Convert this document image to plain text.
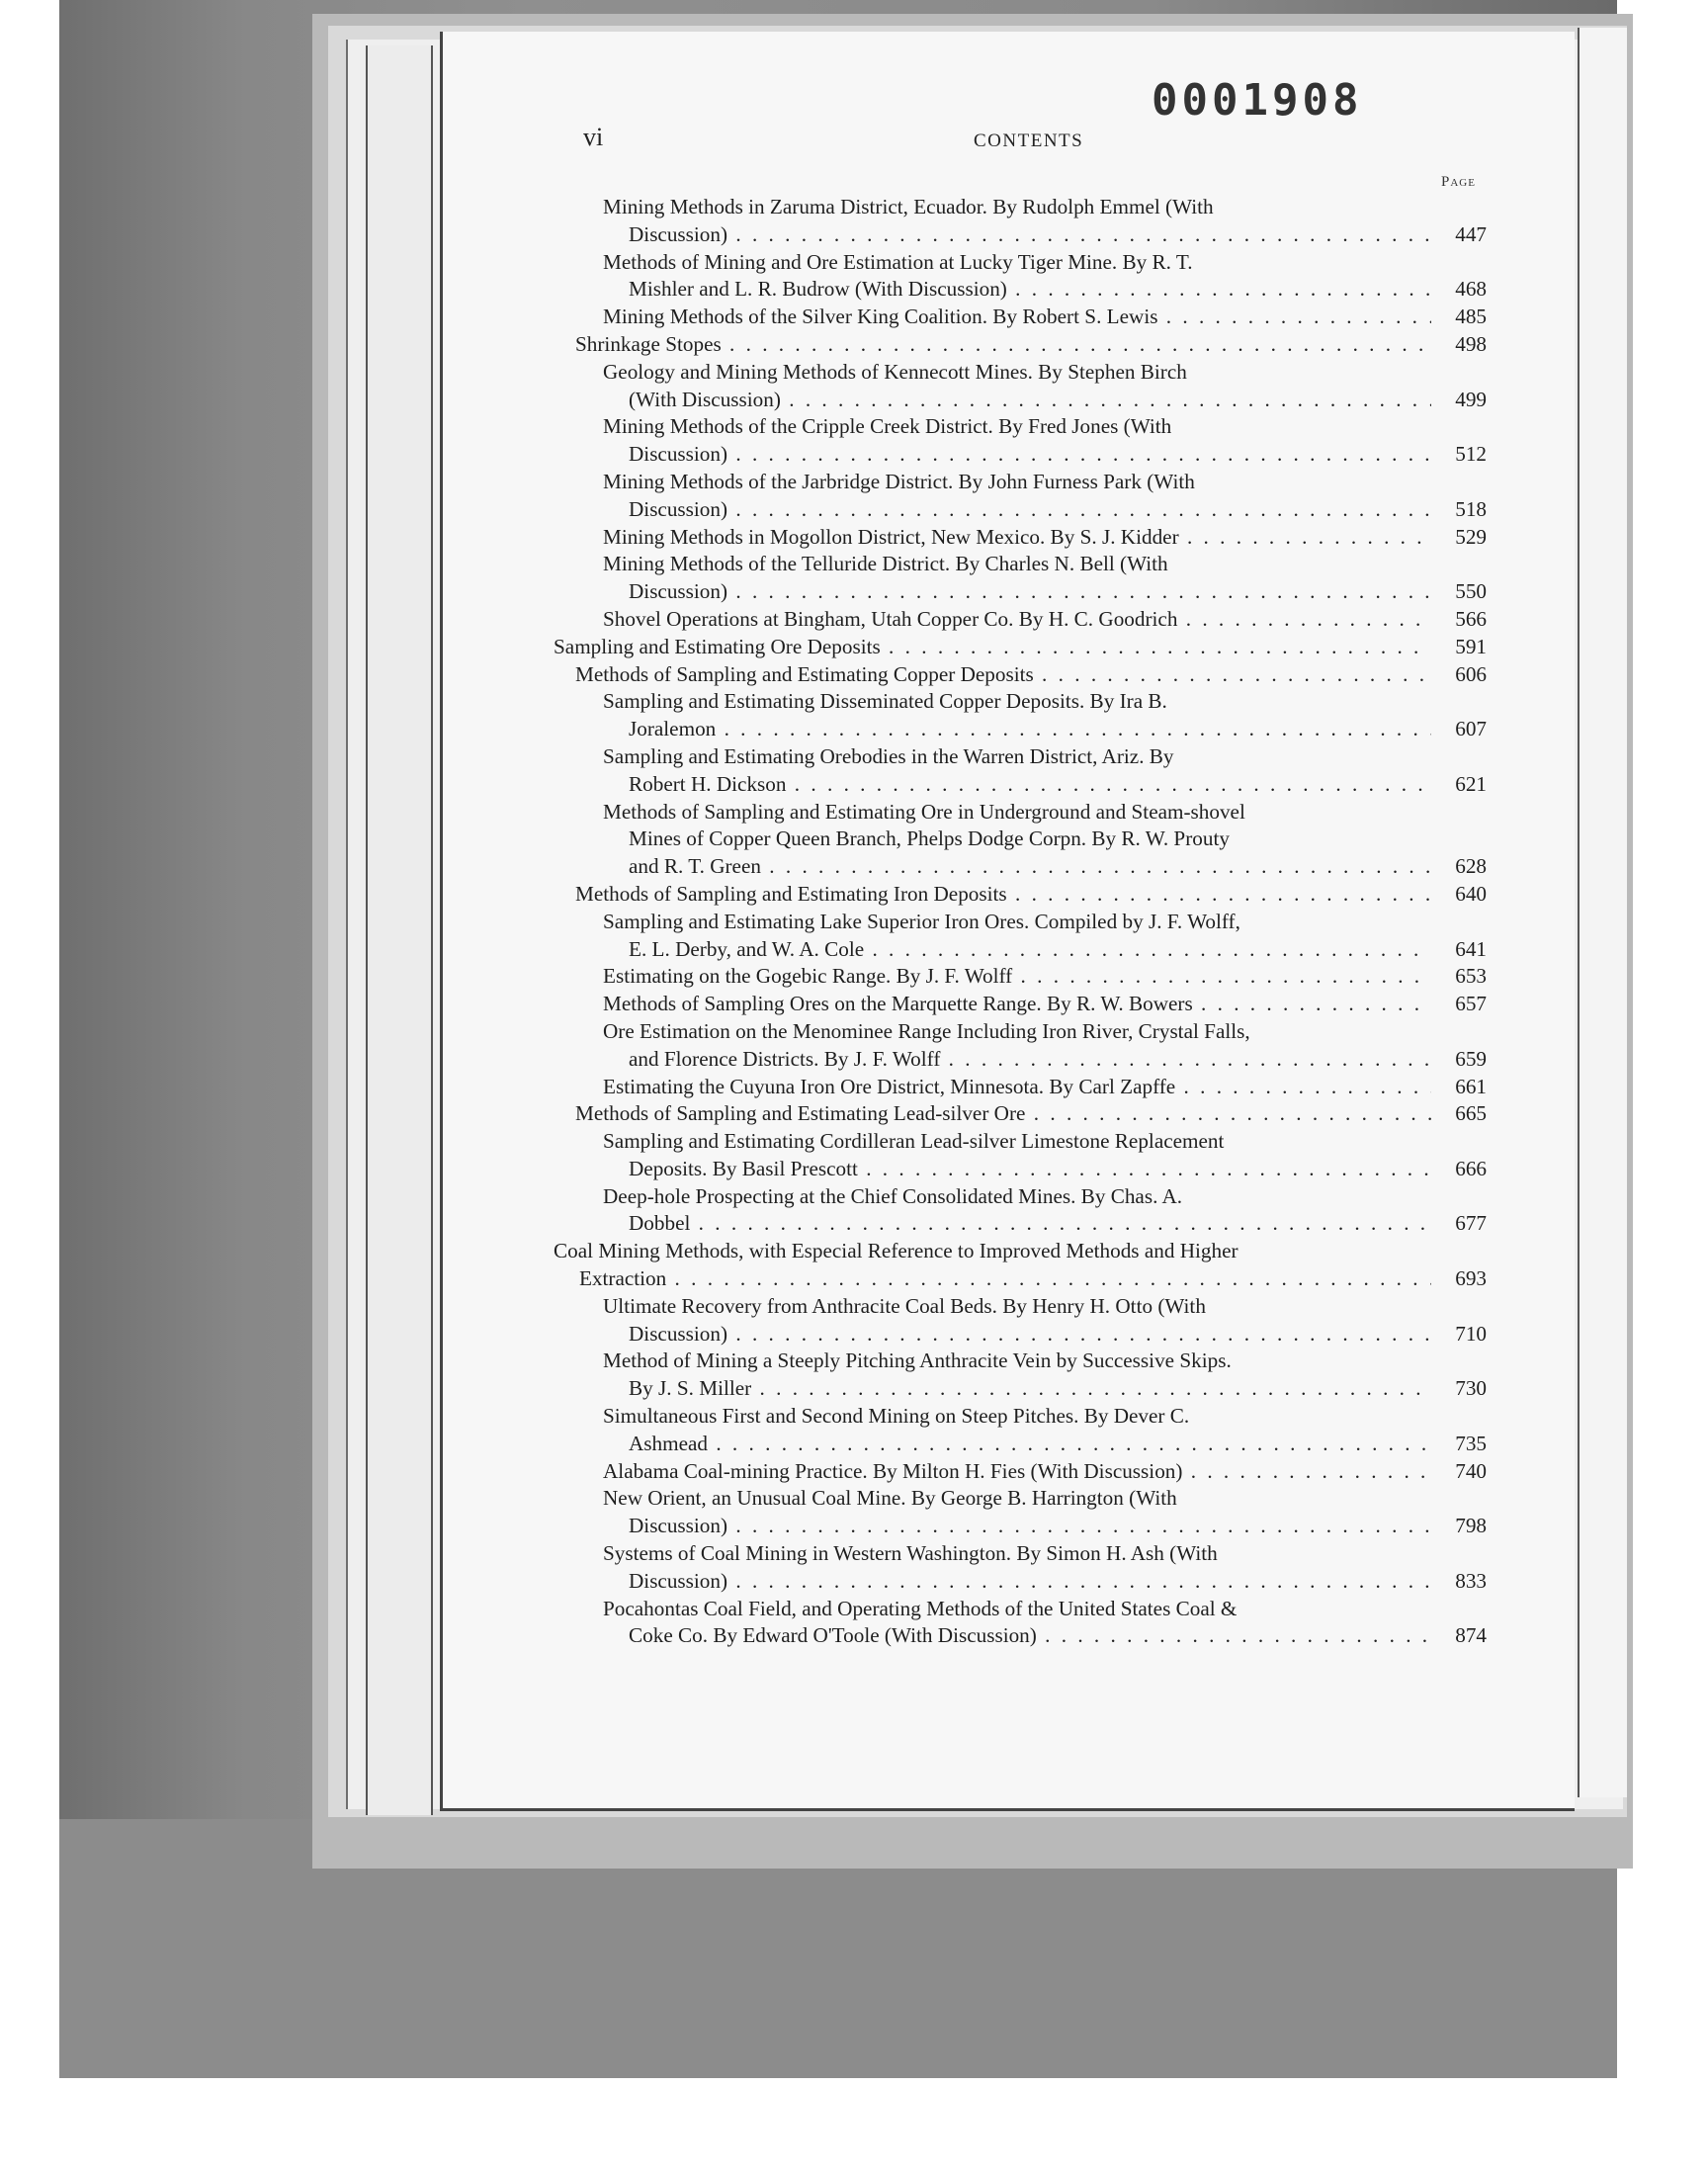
0001908
vi	CONTENTS
Page
Mining Methods in Zaruma District, Ecuador. By Rudolph Emmel (With
Discussion) . . .	447
Methods of Mining and Ore Estimation at Lucky Tiger Mine. By R. T.
Mishler and L. R. Budrow (With Discussion) . . .	468
Mining Methods of the Silver King Coalition. By Robert S. Lewis . . .	485
Shrinkage Stopes . . .	498
Geology and Mining Methods of Kennecott Mines. By Stephen Birch
(With Discussion) . . .	499
Mining Methods of the Cripple Creek District. By Fred Jones (With
Discussion) . . .	512
Mining Methods of the Jarbridge District. By John Furness Park (With
Discussion) . . .	518
Mining Methods in Mogollon District, New Mexico. By S. J. Kidder . . .	529
Mining Methods of the Telluride District. By Charles N. Bell (With
Discussion) . . .	550
Shovel Operations at Bingham, Utah Copper Co. By H. C. Goodrich . . .	566
Sampling and Estimating Ore Deposits . . .	591
Methods of Sampling and Estimating Copper Deposits . . .	606
Sampling and Estimating Disseminated Copper Deposits. By Ira B.
Joralemon . . .	607
Sampling and Estimating Orebodies in the Warren District, Ariz. By
Robert H. Dickson . . .	621
Methods of Sampling and Estimating Ore in Underground and Steam-shovel
Mines of Copper Queen Branch, Phelps Dodge Corpn. By R. W. Prouty
and R. T. Green . . .	628
Methods of Sampling and Estimating Iron Deposits . . .	640
Sampling and Estimating Lake Superior Iron Ores. Compiled by J. F. Wolff,
E. L. Derby, and W. A. Cole . . .	641
Estimating on the Gogebic Range. By J. F. Wolff . . .	653
Methods of Sampling Ores on the Marquette Range. By R. W. Bowers . . .	657
Ore Estimation on the Menominee Range Including Iron River, Crystal Falls,
and Florence Districts. By J. F. Wolff . . .	659
Estimating the Cuyuna Iron Ore District, Minnesota. By Carl Zapffe . . .	661
Methods of Sampling and Estimating Lead-silver Ore . . .	665
Sampling and Estimating Cordilleran Lead-silver Limestone Replacement
Deposits. By Basil Prescott . . .	666
Deep-hole Prospecting at the Chief Consolidated Mines. By Chas. A.
Dobbel . . .	677
Coal Mining Methods, with Especial Reference to Improved Methods and Higher
Extraction . . .	693
Ultimate Recovery from Anthracite Coal Beds. By Henry H. Otto (With
Discussion) . . .	710
Method of Mining a Steeply Pitching Anthracite Vein by Successive Skips.
By J. S. Miller . . .	730
Simultaneous First and Second Mining on Steep Pitches. By Dever C.
Ashmead . . .	735
Alabama Coal-mining Practice. By Milton H. Fies (With Discussion) . . .	740
New Orient, an Unusual Coal Mine. By George B. Harrington (With
Discussion) . . .	798
Systems of Coal Mining in Western Washington. By Simon H. Ash (With
Discussion) . . .	833
Pocahontas Coal Field, and Operating Methods of the United States Coal &
Coke Co. By Edward O'Toole (With Discussion) . . .	874
